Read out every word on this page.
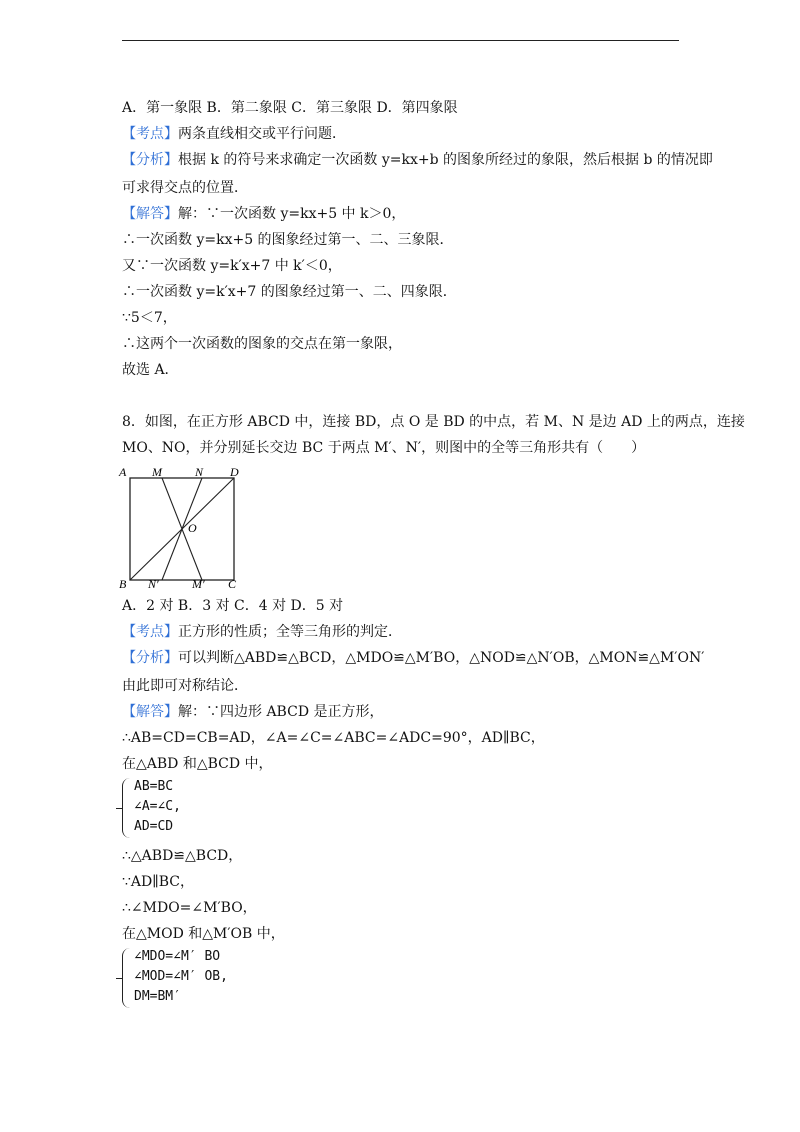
A．第一象限 B．第二象限 C．第三象限 D．第四象限
【考点】两条直线相交或平行问题．
【分析】根据 k 的符号来求确定一次函数 y=kx+b 的图象所经过的象限，然后根据 b 的情况即
可求得交点的位置．
【解答】解：∵一次函数 y=kx+5 中 k＞0，
∴一次函数 y=kx+5 的图象经过第一、二、三象限．
又∵一次函数 y=k′x+7 中 k′＜0，
∴一次函数 y=k′x+7 的图象经过第一、二、四象限．
∵5＜7，
∴这两个一次函数的图象的交点在第一象限，
故选 A．
8．如图，在正方形 ABCD 中，连接 BD，点 O 是 BD 的中点，若 M、N 是边 AD 上的两点，连接
MO、NO，并分别延长交边 BC 于两点 M′、N′，则图中的全等三角形共有（　　）
A M	N D
O
B N′	M′ C
A．2 对 B．3 对 C．4 对 D．5 对
【考点】正方形的性质；全等三角形的判定．
【分析】可以判断△ABD≌△BCD，△MDO≌△M′BO，△NOD≌△N′OB，△MON≌△M′ON′
由此即可对称结论．
【解答】解：∵四边形 ABCD 是正方形，
∴AB=CD=CB=AD，∠A=∠C=∠ABC=∠ADC=90°，AD∥BC，
在△ABD 和△BCD 中，
AB=BC
∠A=∠C,
AD=CD
∴△ABD≌△BCD，
∵AD∥BC，
∴∠MDO=∠M′BO，
在△MOD 和△M′OB 中，
∠MDO=∠M′ BO
∠MOD=∠M′ OB,
DM=BM′
